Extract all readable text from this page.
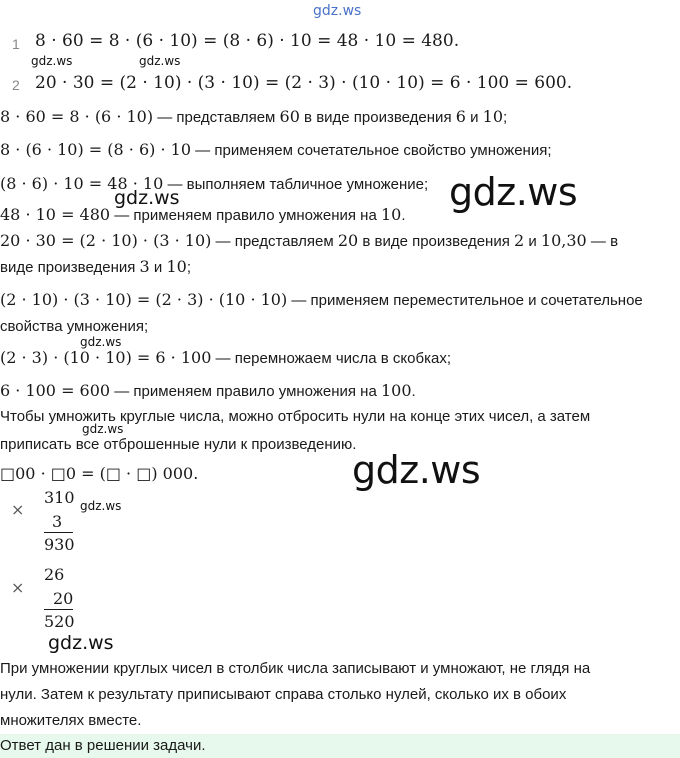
gdz.ws
1 8 · 60 = 8 · (6 · 10) = (8 · 6) · 10 = 48 · 10 = 480.
gdz.ws	gdz.ws
2 20 · 30 = (2 · 10) · (3 · 10) = (2 · 3) · (10 · 10) = 6 · 100 = 600.
8 · 60 = 8 · (6 · 10) — представляем 60 в виде произведения 6 и 10;
8 · (6 · 10) = (8 · 6) · 10 — применяем сочетательное свойство умножения;
(8 · 6) · 10 = 48 · 10 — выполняем табличное умножение; gdz.ws
gdz.ws
48 · 10 = 480 — применяем правило умножения на 10.
20 · 30 = (2 · 10) · (3 · 10) — представляем 20 в виде произведения 2 и 10,30 — в
виде произведения 3 и 10;
(2 · 10) · (3 · 10) = (2 · 3) · (10 · 10) — применяем переместительное и сочетательное
свойства умножения;
gdz.ws
(2 · 3) · (10 · 10) = 6 · 100 — перемножаем числа в скобках;
6 · 100 = 600 — применяем правило умножения на 100.
Чтобы умножить круглые числа, можно отбросить нули на конце этих чисел, а затем
gdz.ws
приписать все отброшенные нули к произведению.
gdz.ws
□00 · □0 = (□ · □) 000.
×
310 gdz.ws
3
930
×
26
20
520
gdz.ws
При умножении круглых чисел в столбик числа записывают и умножают, не глядя на
нули. Затем к результату приписывают справа столько нулей, сколько их в обоих
множителях вместе.
Ответ дан в решении задачи.
